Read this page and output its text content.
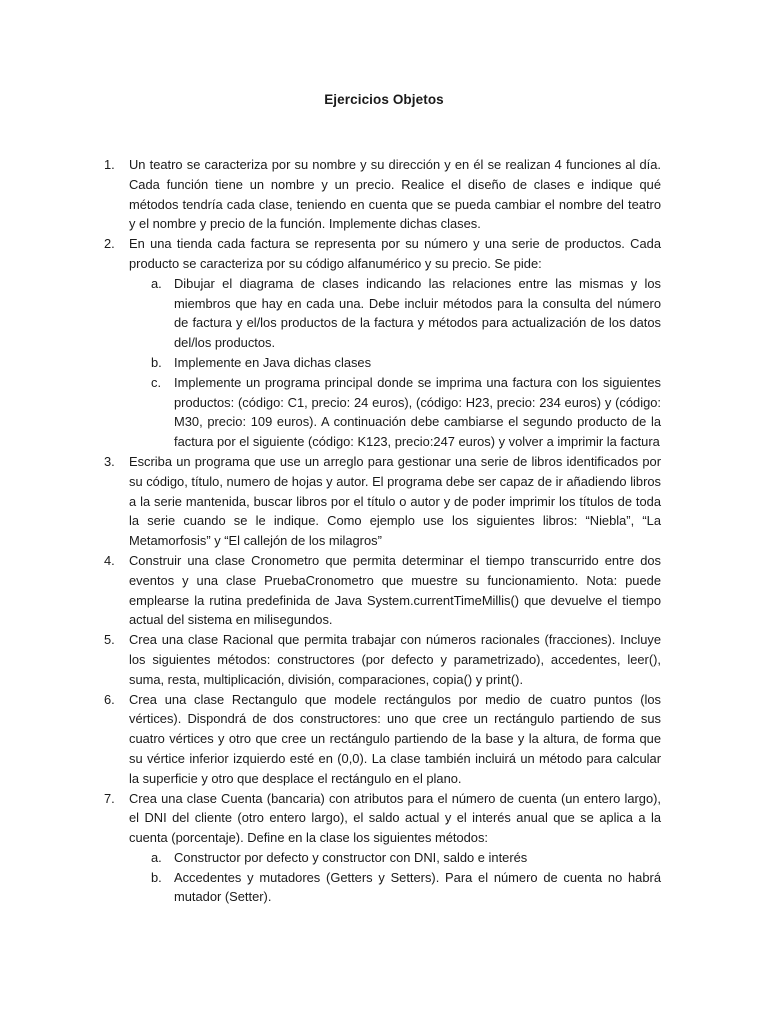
Ejercicios Objetos
1. Un teatro se caracteriza por su nombre y su dirección y en él se realizan 4 funciones al día. Cada función tiene un nombre y un precio. Realice el diseño de clases e indique qué métodos tendría cada clase, teniendo en cuenta que se pueda cambiar el nombre del teatro y el nombre y precio de la función. Implemente dichas clases.
2. En una tienda cada factura se representa por su número y una serie de productos. Cada producto se caracteriza por su código alfanumérico y su precio. Se pide:
a. Dibujar el diagrama de clases indicando las relaciones entre las mismas y los miembros que hay en cada una. Debe incluir métodos para la consulta del número de factura y el/los productos de la factura y métodos para actualización de los datos del/los productos.
b. Implemente en Java dichas clases
c. Implemente un programa principal donde se imprima una factura con los siguientes productos: (código: C1, precio: 24 euros), (código: H23, precio: 234 euros) y (código: M30, precio: 109 euros). A continuación debe cambiarse el segundo producto de la factura por el siguiente (código: K123, precio:247 euros) y volver a imprimir la factura
3. Escriba un programa que use un arreglo para gestionar una serie de libros identificados por su código, título, numero de hojas y autor. El programa debe ser capaz de ir añadiendo libros a la serie mantenida, buscar libros por el título o autor y de poder imprimir los títulos de toda la serie cuando se le indique. Como ejemplo use los siguientes libros: “Niebla”, “La Metamorfosis” y “El callejón de los milagros”
4. Construir una clase Cronometro que permita determinar el tiempo transcurrido entre dos eventos y una clase PruebaCronometro que muestre su funcionamiento. Nota: puede emplearse la rutina predefinida de Java System.currentTimeMillis() que devuelve el tiempo actual del sistema en milisegundos.
5. Crea una clase Racional que permita trabajar con números racionales (fracciones). Incluye los siguientes métodos: constructores (por defecto y parametrizado), accedentes, leer(), suma, resta, multiplicación, división, comparaciones, copia() y print().
6. Crea una clase Rectangulo que modele rectángulos por medio de cuatro puntos (los vértices). Dispondrá de dos constructores: uno que cree un rectángulo partiendo de sus cuatro vértices y otro que cree un rectángulo partiendo de la base y la altura, de forma que su vértice inferior izquierdo esté en (0,0). La clase también incluirá un método para calcular la superficie y otro que desplace el rectángulo en el plano.
7. Crea una clase Cuenta (bancaria) con atributos para el número de cuenta (un entero largo), el DNI del cliente (otro entero largo), el saldo actual y el interés anual que se aplica a la cuenta (porcentaje). Define en la clase los siguientes métodos:
a. Constructor por defecto y constructor con DNI, saldo e interés
b. Accedentes y mutadores (Getters y Setters). Para el número de cuenta no habrá mutador (Setter).
